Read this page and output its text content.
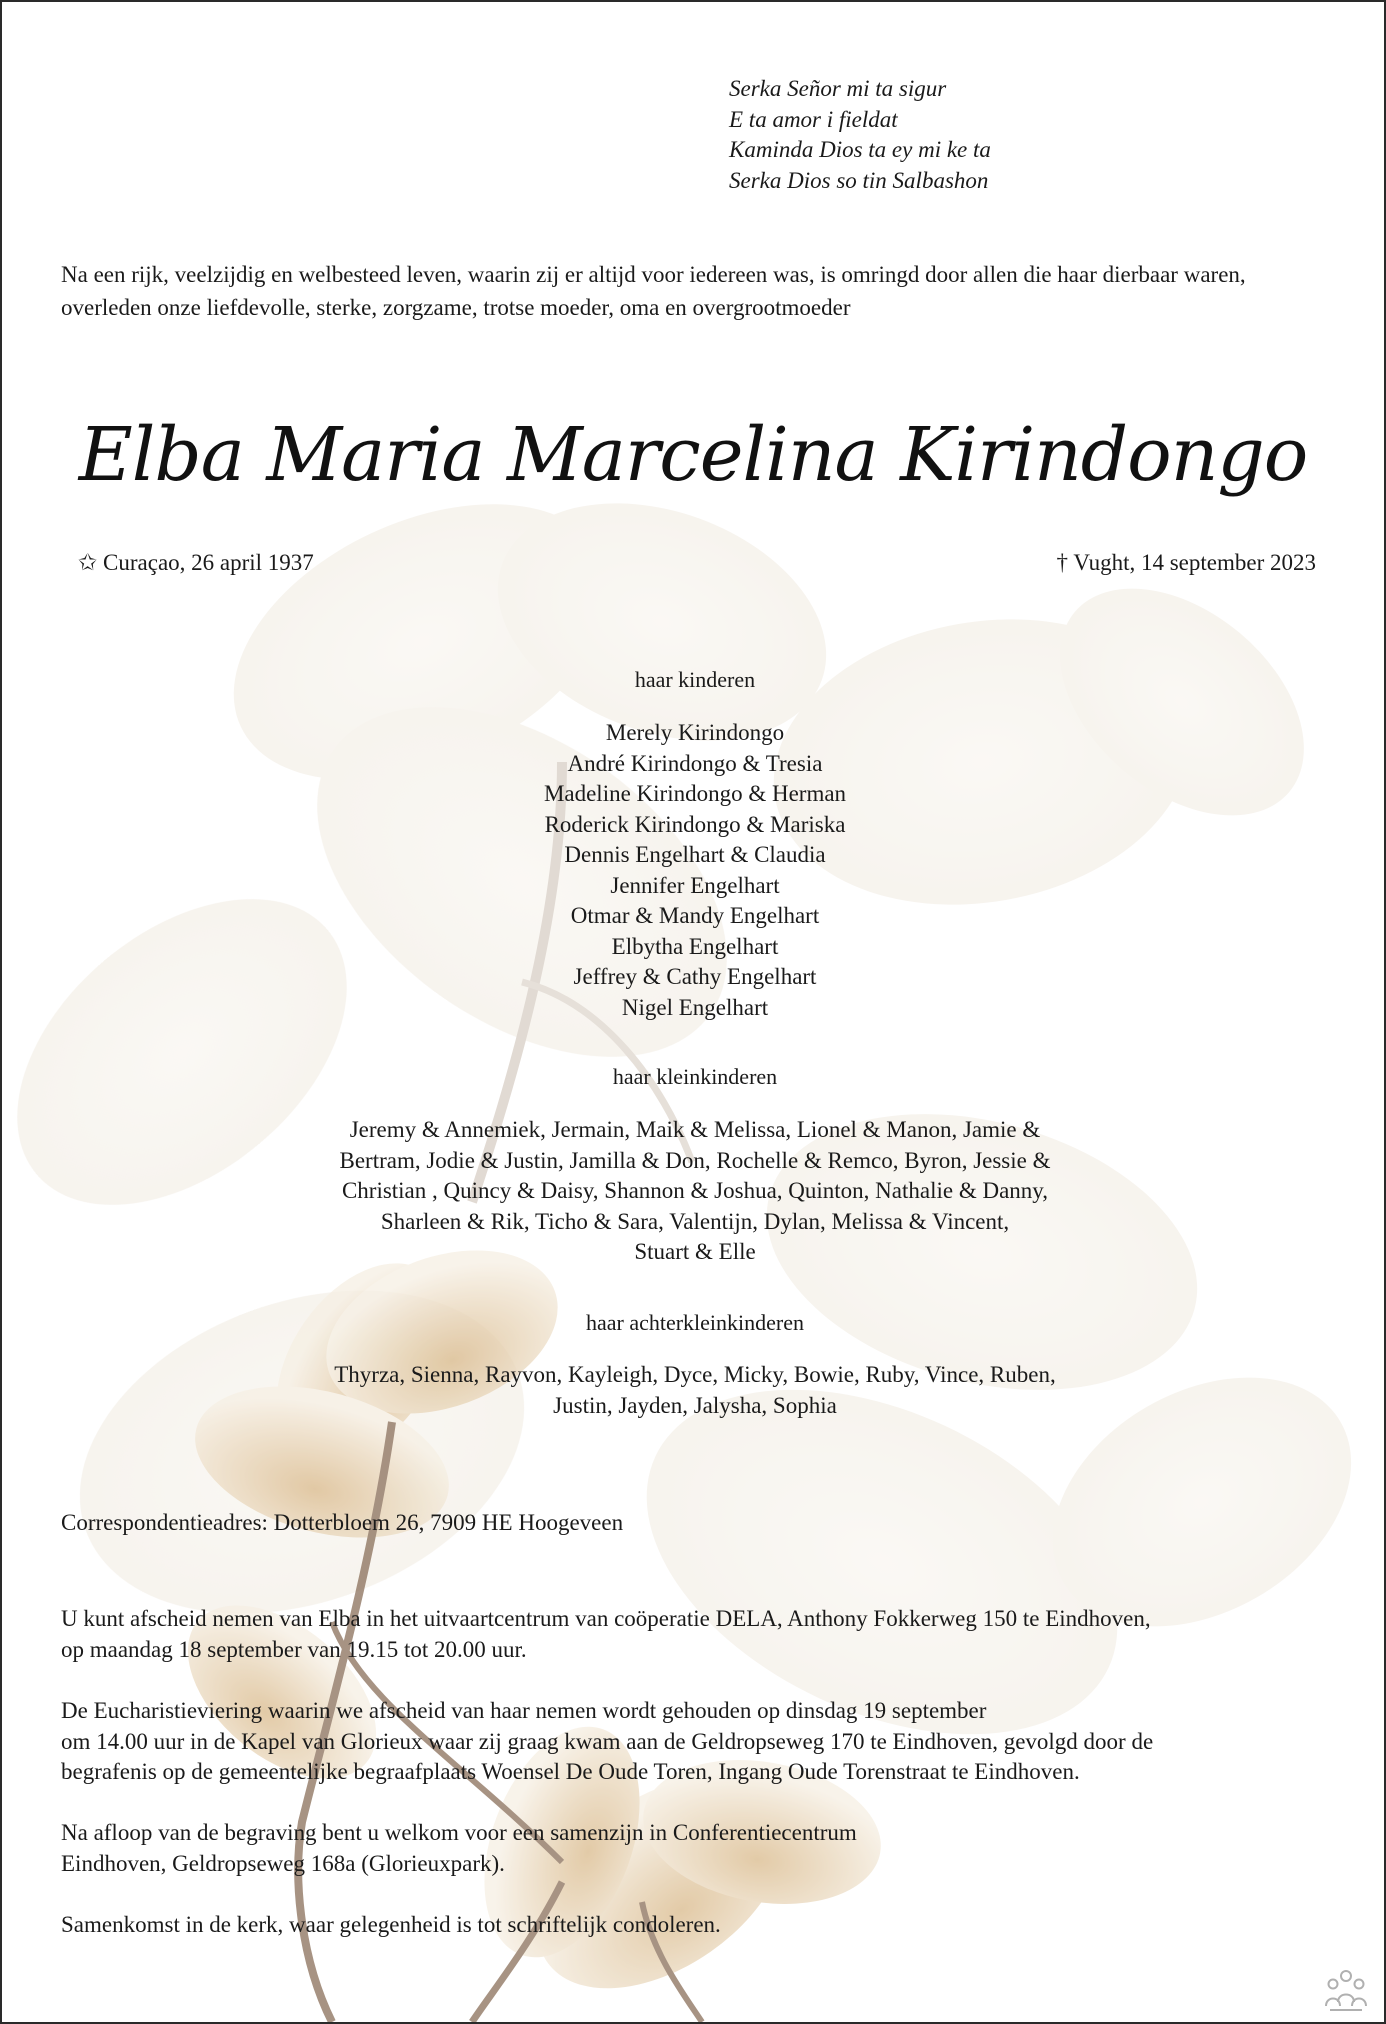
Serka Señor mi ta sigur
E ta amor i fieldat
Kaminda Dios ta ey mi ke ta
Serka Dios so tin Salbashon
Na een rijk, veelzijdig en welbesteed leven, waarin zij er altijd voor iedereen was, is omringd door allen die haar dierbaar waren, overleden onze liefdevolle, sterke, zorgzame, trotse moeder, oma en overgrootmoeder
Elba Maria Marcelina Kirindongo
✩ Curaçao, 26 april 1937	† Vught, 14 september 2023
haar kinderen
Merely Kirindongo
André Kirindongo & Tresia
Madeline Kirindongo & Herman
Roderick Kirindongo & Mariska
Dennis Engelhart & Claudia
Jennifer Engelhart
Otmar & Mandy Engelhart
Elbytha Engelhart
Jeffrey & Cathy Engelhart
Nigel Engelhart
haar kleinkinderen
Jeremy & Annemiek, Jermain, Maik & Melissa, Lionel & Manon, Jamie &
Bertram, Jodie & Justin, Jamilla & Don, Rochelle & Remco, Byron, Jessie &
Christian , Quincy & Daisy, Shannon & Joshua, Quinton, Nathalie & Danny,
Sharleen & Rik, Ticho & Sara, Valentijn, Dylan, Melissa & Vincent,
Stuart & Elle
haar achterkleinkinderen
Thyrza, Sienna, Rayvon, Kayleigh, Dyce, Micky, Bowie, Ruby, Vince, Ruben,
Justin, Jayden, Jalysha, Sophia
Correspondentieadres: Dotterbloem 26, 7909 HE Hoogeveen
U kunt afscheid nemen van Elba in het uitvaartcentrum van coöperatie DELA, Anthony Fokkerweg 150 te Eindhoven,
op maandag 18 september van 19.15 tot 20.00 uur.
De Eucharistieviering waarin we afscheid van haar nemen wordt gehouden op dinsdag 19 september
om 14.00 uur in de Kapel van Glorieux waar zij graag kwam aan de Geldropseweg 170 te Eindhoven, gevolgd door de
begrafenis op de gemeentelijke begraafplaats Woensel De Oude Toren, Ingang Oude Torenstraat te Eindhoven.
Na afloop van de begraving bent u welkom voor een samenzijn in Conferentiecentrum
Eindhoven, Geldropseweg 168a (Glorieuxpark).
Samenkomst in de kerk, waar gelegenheid is tot schriftelijk condoleren.
